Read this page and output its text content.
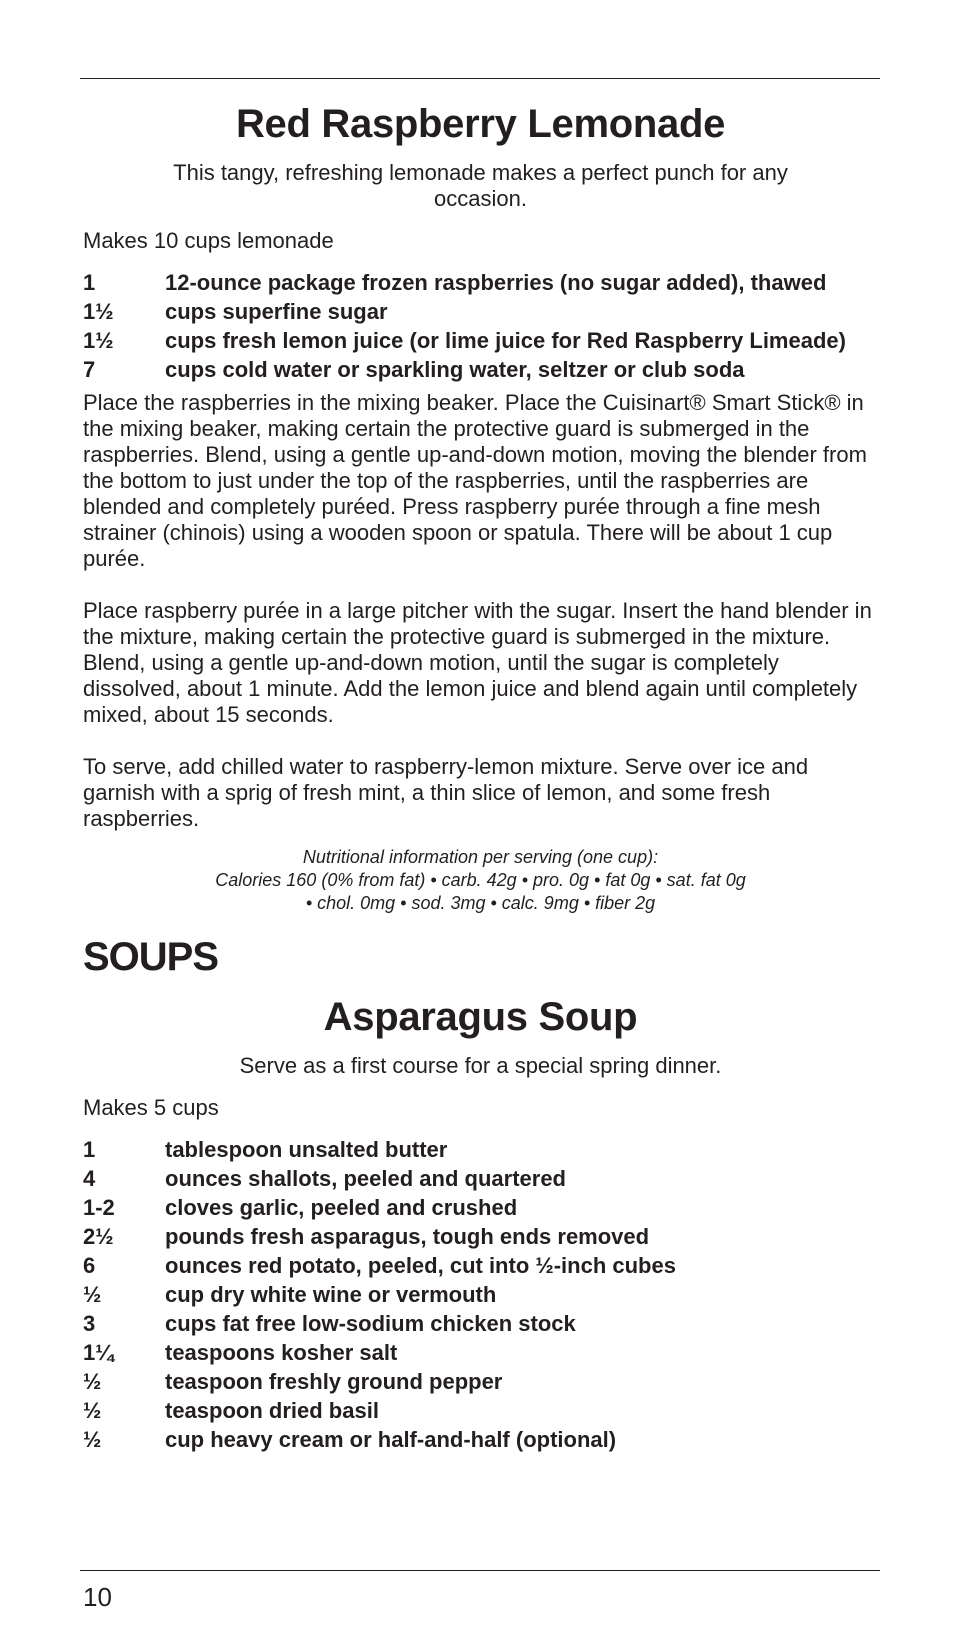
Red Raspberry Lemonade

This tangy, refreshing lemonade makes a perfect punch for any occasion.

Makes 10 cups lemonade

1	12-ounce package frozen raspberries (no sugar added), thawed
1½	cups superfine sugar
1½	cups fresh lemon juice (or lime juice for Red Raspberry Limeade)
7	cups cold water or sparkling water, seltzer or club soda

Place the raspberries in the mixing beaker. Place the Cuisinart® Smart Stick® in the mixing beaker, making certain the protective guard is submerged in the raspberries. Blend, using a gentle up-and-down motion, moving the blender from the bottom to just under the top of the raspberries, until the raspberries are blended and completely puréed. Press raspberry purée through a fine mesh strainer (chinois) using a wooden spoon or spatula. There will be about 1 cup purée.

Place raspberry purée in a large pitcher with the sugar. Insert the hand blender in the mixture, making certain the protective guard is submerged in the mixture. Blend, using a gentle up-and-down motion, until the sugar is completely dissolved, about 1 minute. Add the lemon juice and blend again until completely mixed, about 15 seconds.

To serve, add chilled water to raspberry-lemon mixture. Serve over ice and garnish with a sprig of fresh mint, a thin slice of lemon, and some fresh raspberries.

Nutritional information per serving (one cup):
Calories 160 (0% from fat) • carb. 42g • pro. 0g • fat 0g • sat. fat 0g
• chol. 0mg • sod. 3mg • calc. 9mg • fiber 2g
SOUPS
Asparagus Soup

Serve as a first course for a special spring dinner.

Makes 5 cups

1	tablespoon unsalted butter
4	ounces shallots, peeled and quartered
1-2	cloves garlic, peeled and crushed
2½	pounds fresh asparagus, tough ends removed
6	ounces red potato, peeled, cut into ½-inch cubes
½	cup dry white wine or vermouth
3	cups fat free low-sodium chicken stock
1¼	teaspoons kosher salt
½	teaspoon freshly ground pepper
½	teaspoon dried basil
½	cup heavy cream or half-and-half (optional)
10
